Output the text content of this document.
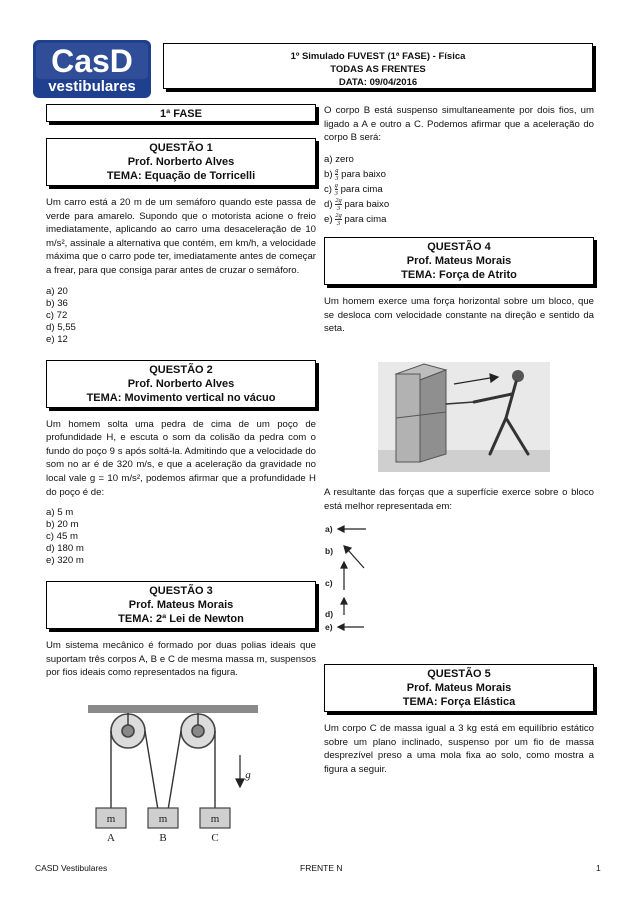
CasD
vestibulares
1º Simulado FUVEST (1ª FASE) - Física
TODAS AS FRENTES
DATA: 09/04/2016
1ª FASE
QUESTÃO 1
Prof. Norberto Alves
TEMA: Equação de Torricelli

Um carro está a 20 m de um semáforo quando este passa de verde para amarelo. Supondo que o motorista acione o freio imediatamente, aplicando ao carro uma desaceleração de 10 m/s², assinale a alternativa que contém, em km/h, a velocidade máxima que o carro pode ter, imediatamente antes de começar a frear, para que consiga parar antes de cruzar o semáforo.

a) 20
b) 36
c) 72
d) 5,55
e) 12
QUESTÃO 2
Prof. Norberto Alves
TEMA: Movimento vertical no vácuo

Um homem solta uma pedra de cima de um poço de profundidade H, e escuta o som da colisão da pedra com o fundo do poço 9 s após soltá-la. Admitindo que a velocidade do som no ar é de 320 m/s, e que a aceleração da gravidade no local vale g = 10 m/s², podemos afirmar que a profundidade H do poço é de:

a) 5 m
b) 20 m
c) 45 m
d) 180 m
e) 320 m
QUESTÃO 3
Prof. Mateus Morais
TEMA: 2ª Lei de Newton

Um sistema mecânico é formado por duas polias ideais que suportam três corpos A, B e C de mesma massa m, suspensos por fios ideais como representados na figura.

m	m	m
A	B	C
g

O corpo B está suspenso simultaneamente por dois fios, um ligado a A e outro a C. Podemos afirmar que a aceleração do corpo B será:

a) zero
$b) \frac{g}{3}$ para baixo
$c) \frac{g}{3}$ para cima
$d) \frac{2g}{3}$ para baixo
$e) \frac{2g}{3}$ para cima
QUESTÃO 4
Prof. Mateus Morais
TEMA: Força de Atrito

Um homem exerce uma força horizontal sobre um bloco, que se desloca com velocidade constante na direção e sentido da seta.

A resultante das forças que a superfície exerce sobre o bloco está melhor representada em:

a)
b)
c)
d)
e)
QUESTÃO 5
Prof. Mateus Morais
TEMA: Força Elástica

Um corpo C de massa igual a 3 kg está em equilíbrio estático sobre um plano inclinado, suspenso por um fio de massa desprezível preso a uma mola fixa ao solo, como mostra a figura a seguir.

CASD Vestibulares	FRENTE N	1
